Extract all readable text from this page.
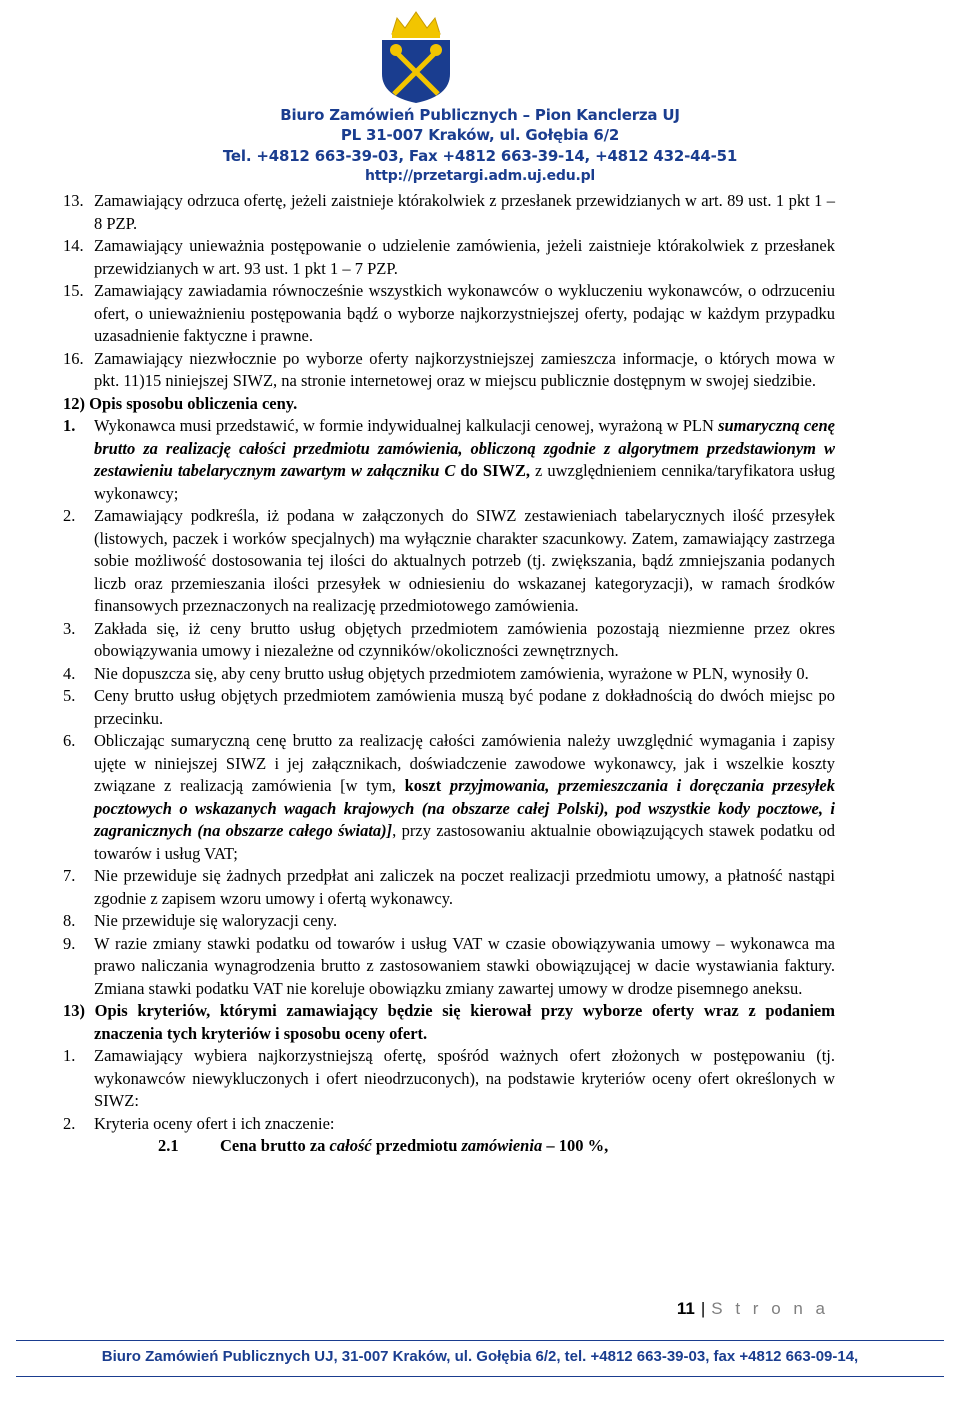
Biuro Zamówień Publicznych – Pion Kanclerza UJ
PL 31-007 Kraków, ul. Gołębia 6/2
Tel. +4812 663-39-03, Fax +4812 663-39-14, +4812 432-44-51
http://przetargi.adm.uj.edu.pl
13. Zamawiający odrzuca ofertę, jeżeli zaistnieje którakolwiek z przesłanek przewidzianych w art. 89 ust. 1 pkt 1 – 8 PZP.
14. Zamawiający unieważnia postępowanie o udzielenie zamówienia, jeżeli zaistnieje którakolwiek z przesłanek przewidzianych w art. 93 ust. 1 pkt 1 – 7 PZP.
15. Zamawiający zawiadamia równocześnie wszystkich wykonawców o wykluczeniu wykonawców, o odrzuceniu ofert, o unieważnieniu postępowania bądź o wyborze najkorzystniejszej oferty, podając w każdym przypadku uzasadnienie faktyczne i prawne.
16. Zamawiający niezwłocznie po wyborze oferty najkorzystniejszej zamieszcza informacje, o których mowa w pkt. 11)15 niniejszej SIWZ, na stronie internetowej oraz w miejscu publicznie dostępnym w swojej siedzibie.
12) Opis sposobu obliczenia ceny.
1. Wykonawca musi przedstawić, w formie indywidualnej kalkulacji cenowej, wyrażoną w PLN sumaryczną cenę brutto za realizację całości przedmiotu zamówienia, obliczoną zgodnie z algorytmem przedstawionym w zestawieniu tabelarycznym zawartym w załączniku C do SIWZ, z uwzględnieniem cennika/taryfikatora usług wykonawcy;
2. Zamawiający podkreśla, iż podana w załączonych do SIWZ zestawieniach tabelarycznych ilość przesyłek (listowych, paczek i worków specjalnych) ma wyłącznie charakter szacunkowy. Zatem, zamawiający zastrzega sobie możliwość dostosowania tej ilości do aktualnych potrzeb (tj. zwiększania, bądź zmniejszania podanych liczb oraz przemieszania ilości przesyłek w odniesieniu do wskazanej kategoryzacji), w ramach środków finansowych przeznaczonych na realizację przedmiotowego zamówienia.
3. Zakłada się, iż ceny brutto usług objętych przedmiotem zamówienia pozostają niezmienne przez okres obowiązywania umowy i niezależne od czynników/okoliczności zewnętrznych.
4. Nie dopuszcza się, aby ceny brutto usług objętych przedmiotem zamówienia, wyrażone w PLN, wynosiły 0.
5. Ceny brutto usług objętych przedmiotem zamówienia muszą być podane z dokładnością do dwóch miejsc po przecinku.
6. Obliczając sumaryczną cenę brutto za realizację całości zamówienia należy uwzględnić wymagania i zapisy ujęte w niniejszej SIWZ i jej załącznikach, doświadczenie zawodowe wykonawcy, jak i wszelkie koszty związane z realizacją zamówienia [w tym, koszt przyjmowania, przemieszczania i doręczania przesyłek pocztowych o wskazanych wagach krajowych (na obszarze całej Polski), pod wszystkie kody pocztowe, i zagranicznych (na obszarze całego świata)], przy zastosowaniu aktualnie obowiązujących stawek podatku od towarów i usług VAT;
7. Nie przewiduje się żadnych przedpłat ani zaliczek na poczet realizacji przedmiotu umowy, a płatność nastąpi zgodnie z zapisem wzoru umowy i ofertą wykonawcy.
8. Nie przewiduje się waloryzacji ceny.
9. W razie zmiany stawki podatku od towarów i usług VAT w czasie obowiązywania umowy – wykonawca ma prawo naliczania wynagrodzenia brutto z zastosowaniem stawki obowiązującej w dacie wystawiania faktury. Zmiana stawki podatku VAT nie koreluje obowiązku zmiany zawartej umowy w drodze pisemnego aneksu.
13) Opis kryteriów, którymi zamawiający będzie się kierował przy wyborze oferty wraz z podaniem znaczenia tych kryteriów i sposobu oceny ofert.
1. Zamawiający wybiera najkorzystniejszą ofertę, spośród ważnych ofert złożonych w postępowaniu (tj. wykonawców niewykluczonych i ofert nieodrzuconych), na podstawie kryteriów oceny ofert określonych w SIWZ:
2. Kryteria oceny ofert i ich znaczenie:
2.1	Cena brutto za całość przedmiotu zamówienia – 100 %,
11 | S t r o n a
Biuro Zamówień Publicznych UJ, 31-007 Kraków, ul. Gołębia 6/2, tel. +4812 663-39-03, fax +4812 663-09-14,
